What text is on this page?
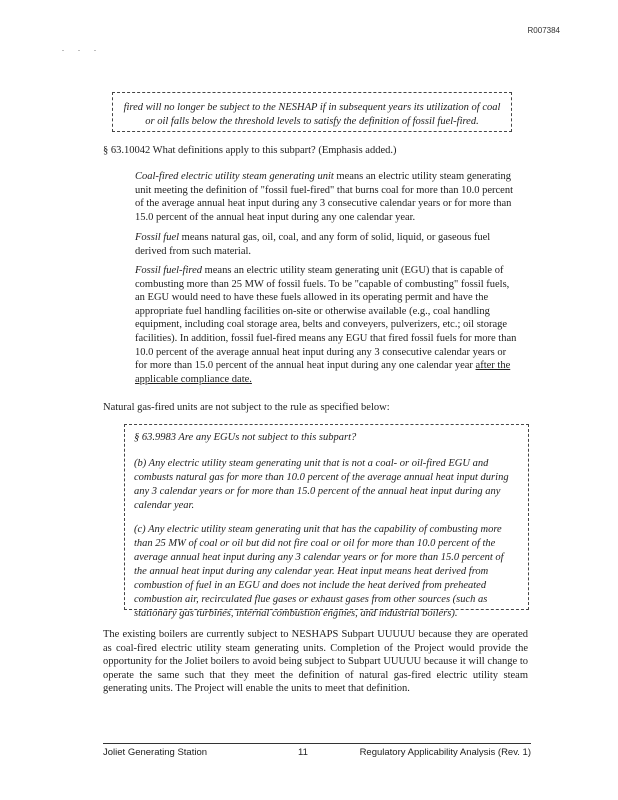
R007384
. . .

fired will no longer be subject to the NESHAP if in subsequent years its utilization of coal or oil falls below the threshold levels to satisfy the definition of fossil fuel-fired.

§ 63.10042 What definitions apply to this subpart? (Emphasis added.)

Coal-fired electric utility steam generating unit means an electric utility steam generating unit meeting the definition of "fossil fuel-fired" that burns coal for more than 10.0 percent of the average annual heat input during any 3 consecutive calendar years or for more than 15.0 percent of the annual heat input during any one calendar year.

Fossil fuel means natural gas, oil, coal, and any form of solid, liquid, or gaseous fuel derived from such material.

Fossil fuel-fired means an electric utility steam generating unit (EGU) that is capable of combusting more than 25 MW of fossil fuels. To be "capable of combusting" fossil fuels, an EGU would need to have these fuels allowed in its operating permit and have the appropriate fuel handling facilities on-site or otherwise available (e.g., coal handling equipment, including coal storage area, belts and conveyers, pulverizers, etc.; oil storage facilities). In addition, fossil fuel-fired means any EGU that fired fossil fuels for more than 10.0 percent of the average annual heat input during any 3 consecutive calendar years or for more than 15.0 percent of the annual heat input during any one calendar year after the applicable compliance date.

Natural gas-fired units are not subject to the rule as specified below:

§ 63.9983 Are any EGUs not subject to this subpart?

(b) Any electric utility steam generating unit that is not a coal- or oil-fired EGU and combusts natural gas for more than 10.0 percent of the average annual heat input during any 3 calendar years or for more than 15.0 percent of the annual heat input during any calendar year.

(c) Any electric utility steam generating unit that has the capability of combusting more than 25 MW of coal or oil but did not fire coal or oil for more than 10.0 percent of the average annual heat input during any 3 calendar years or for more than 15.0 percent of the annual heat input during any calendar year. Heat input means heat derived from combustion of fuel in an EGU and does not include the heat derived from preheated combustion air, recirculated flue gases or exhaust gases from other sources (such as stationary gas turbines, internal combustion engines, and industrial boilers).

The existing boilers are currently subject to NESHAPS Subpart UUUUU because they are operated as coal-fired electric utility steam generating units. Completion of the Project would provide the opportunity for the Joliet boilers to avoid being subject to Subpart UUUUU because it will change to operate the same such that they meet the definition of natural gas-fired electric utility steam generating units. The Project will enable the units to meet that definition.

Joliet Generating Station	11	Regulatory Applicability Analysis (Rev. 1)
